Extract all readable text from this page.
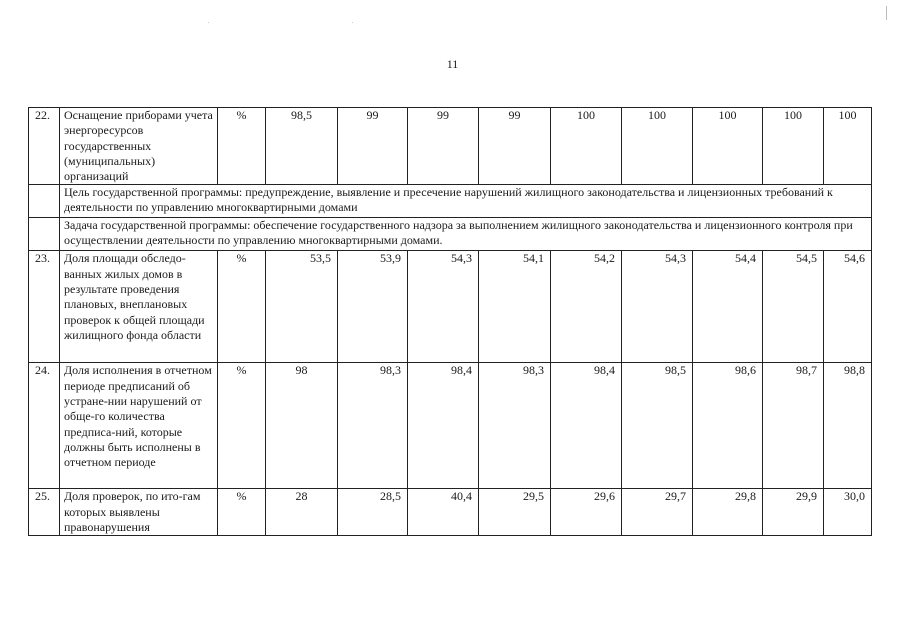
11
22.	Оснащение приборами учета энергоресурсов государственных (муниципальных) организаций	%	98,5	99	99	99	100	100	100	100	100
	Цель государственной программы: предупреждение, выявление и пресечение нарушений жилищного законодательства и лицензионных требований к деятельности по управлению многоквартирными домами										
	Задача государственной программы: обеспечение государственного надзора за выполнением жилищного законодательства и лицензионного контроля при осуществлении деятельности по управлению многоквартирными домами.										
23.	Доля площади обследо-ванных жилых домов в результате проведения плановых, внеплановых проверок к общей площади жилищного фонда области	%	53,5	53,9	54,3	54,1	54,2	54,3	54,4	54,5	54,6
24.	Доля исполнения в отчетном периоде предписаний об устране-нии нарушений от обще-го количества предписа-ний, которые должны быть исполнены в отчетном периоде	%	98	98,3	98,4	98,3	98,4	98,5	98,6	98,7	98,8
25.	Доля проверок, по ито-гам которых выявлены правонарушения	%	28	28,5	40,4	29,5	29,6	29,7	29,8	29,9	30,0
